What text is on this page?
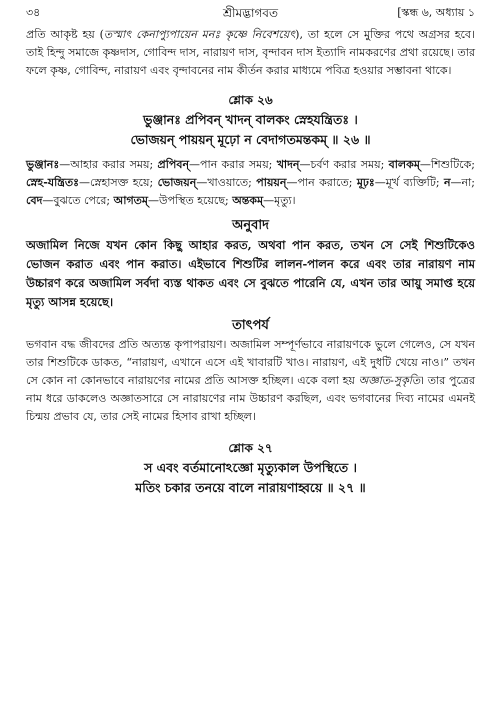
৩৪	শ্রীমদ্ভাগবত	[স্কন্ধ ৬, অধ্যায় ১

প্রতি আকৃষ্ট হয় (তস্মাৎ কেনাপ্যুপায়েন মনঃ কৃষ্ণে নিবেশয়েৎ), তা হলে সে মুক্তির পথে অগ্রসর হবে। তাই হিন্দু সমাজে কৃষ্ণদাস, গোবিন্দ দাস, নারায়ণ দাস, বৃন্দাবন দাস ইত্যাদি নামকরণের প্রথা রয়েছে। তার ফলে কৃষ্ণ, গোবিন্দ, নারায়ণ এবং বৃন্দাবনের নাম কীর্তন করার মাধ্যমে পবিত্র হওয়ার সম্ভাবনা থাকে।

শ্লোক ২৬

ভুঞ্জানঃ প্রপিবন্ খাদন্ বালকং স্নেহযন্ত্রিতঃ ।

ভোজয়ন্ পায়য়ন্ মূঢ়ো ন বেদাগতমন্তকম্ ॥ ২৬ ॥

ভুঞ্জানঃ—আহার করার সময়; প্রপিবন্—পান করার সময়; খাদন্—চর্বণ করার সময়; বালকম্—শিশুটিকে; স্নেহ-যন্ত্রিতঃ—স্নেহাসক্ত হয়ে; ভোজয়ন্—খাওয়াতে; পায়য়ন্—পান করাতে; মূঢ়ঃ—মূর্খ ব্যক্তিটি; ন—না; বেদ—বুঝতে পেরে; আগতম্—উপস্থিত হয়েছে; অন্তকম্—মৃত্যু।

অনুবাদ

অজামিল নিজে যখন কোন কিছু আহার করত, অথবা পান করত, তখন সে সেই শিশুটিকেও ভোজন করাত এবং পান করাত। এইভাবে শিশুটির লালন-পালন করে এবং তার নারায়ণ নাম উচ্চারণ করে অজামিল সর্বদা ব্যস্ত থাকত এবং সে বুঝতে পারেনি যে, এখন তার আয়ু সমাপ্ত হয়ে মৃত্যু আসন্ন হয়েছে।

তাৎপর্য

ভগবান বদ্ধ জীবদের প্রতি অত্যন্ত কৃপাপরায়ণ। অজামিল সম্পূর্ণভাবে নারায়ণকে ভুলে গেলেও, সে যখন তার শিশুটিকে ডাকত, “নারায়ণ, এখানে এসে এই খাবারটি খাও। নারায়ণ, এই দুধটি খেয়ে নাও।” তখন সে কোন না কোনভাবে নারায়ণের নামের প্রতি আসক্ত হচ্ছিল। একে বলা হয় অজ্ঞাত-সুকৃতি। তার পুত্রের নাম ধরে ডাকলেও অজ্ঞাতসারে সে নারায়ণের নাম উচ্চারণ করছিল, এবং ভগবানের দিব্য নামের এমনই চিন্ময় প্রভাব যে, তার সেই নামের হিসাব রাখা হচ্ছিল।

শ্লোক ২৭

স এবং বর্তমানোঽজ্ঞো মৃত্যুকাল উপস্থিতে ।

মতিং চকার তনয়ে বালে নারায়ণাহ্বয়ে ॥ ২৭ ॥
